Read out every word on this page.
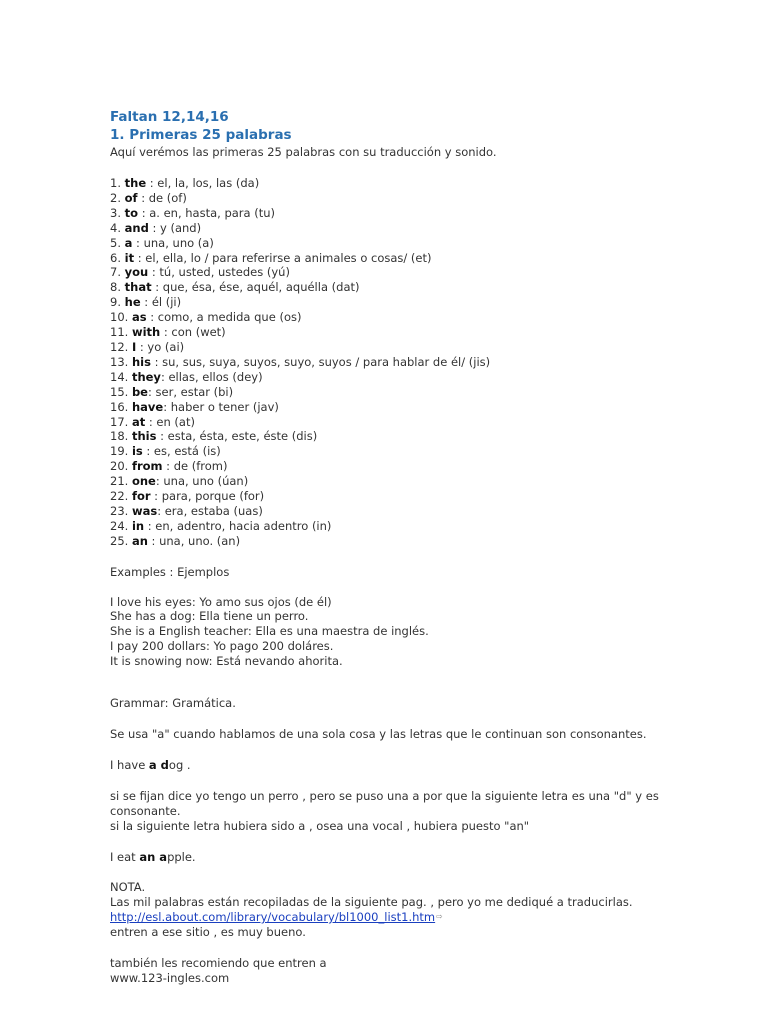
Faltan 12,14,16
1. Primeras 25 palabras
Aquí verémos las primeras 25 palabras con su traducción y sonido.
1. the : el, la, los, las (da)
2. of : de (of)
3. to : a. en, hasta, para (tu)
4. and : y (and)
5. a : una, uno (a)
6. it : el, ella, lo / para referirse a animales o cosas/ (et)
7. you : tú, usted, ustedes (yú)
8. that : que, ésa, ése, aquél, aquélla (dat)
9. he : él (ji)
10. as : como, a medida que (os)
11. with : con (wet)
12. I : yo (ai)
13. his : su, sus, suya, suyos, suyo, suyos / para hablar de él/ (jis)
14. they: ellas, ellos (dey)
15. be: ser, estar (bi)
16. have: haber o tener (jav)
17. at : en (at)
18. this : esta, ésta, este, éste (dis)
19. is : es, está (is)
20. from : de (from)
21. one: una, uno (úan)
22. for : para, porque (for)
23. was: era, estaba (uas)
24. in : en, adentro, hacia adentro (in)
25. an : una, uno. (an)
Examples : Ejemplos
I love his eyes: Yo amo sus ojos (de él)
She has a dog: Ella tiene un perro.
She is a English teacher: Ella es una maestra de inglés.
I pay 200 dollars: Yo pago 200 doláres.
It is snowing now: Está nevando ahorita.
Grammar: Gramática.
Se usa "a" cuando hablamos de una sola cosa y las letras que le continuan son consonantes.
I have a dog .
si se fijan dice yo tengo un perro , pero se puso una a por que la siguiente letra es una "d" y es consonante.
si la siguiente letra hubiera sido a , osea una vocal , hubiera puesto "an"
I eat an apple.
NOTA.
Las mil palabras están recopiladas de la siguiente pag. , pero yo me dediqué a traducirlas.
http://esl.about.com/library/vocabulary/bl1000_list1.htm⇨
entren a ese sitio , es muy bueno.
también les recomiendo que entren a
www.123-ingles.com
